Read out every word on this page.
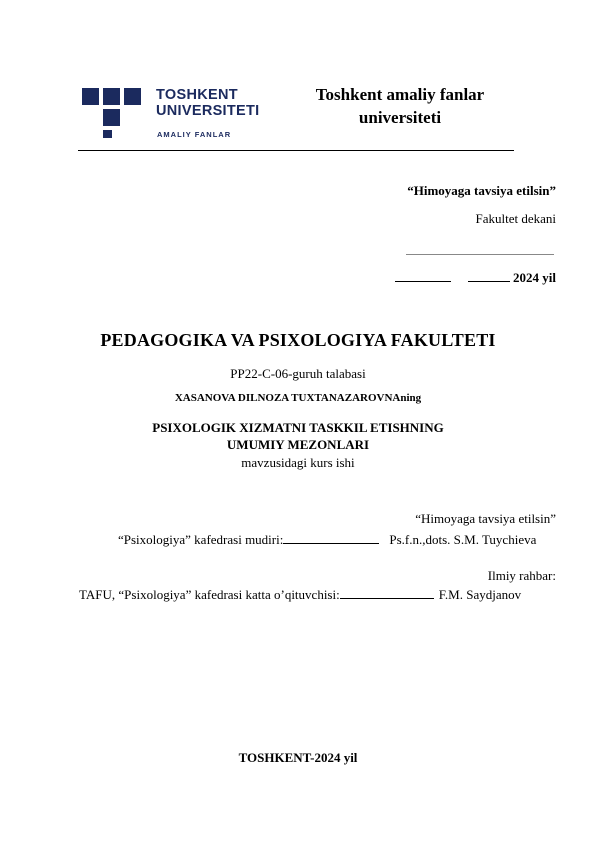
TOSHKENT
UNIVERSITETI
AMALIY FANLAR
Toshkent amaliy fanlar
universiteti
“Himoyaga tavsiya etilsin”
Fakultet dekani
2024 yil
PEDAGOGIKA VA PSIXOLOGIYA FAKULTETI
PP22-C-06-guruh talabasi
XASANOVA DILNOZA TUXTANAZAROVNAning
PSIXOLOGIK XIZMATNI TASKKIL ETISHNING
UMUMIY MEZONLARI
mavzusidagi kurs ishi
“Himoyaga tavsiya etilsin”
“Psixologiya” kafedrasi mudiri:	Ps.f.n.,dots. S.M. Tuychieva
Ilmiy rahbar:
TAFU, “Psixologiya” kafedrasi katta o’qituvchisi:	F.M. Saydjanov
TOSHKENT-2024 yil
